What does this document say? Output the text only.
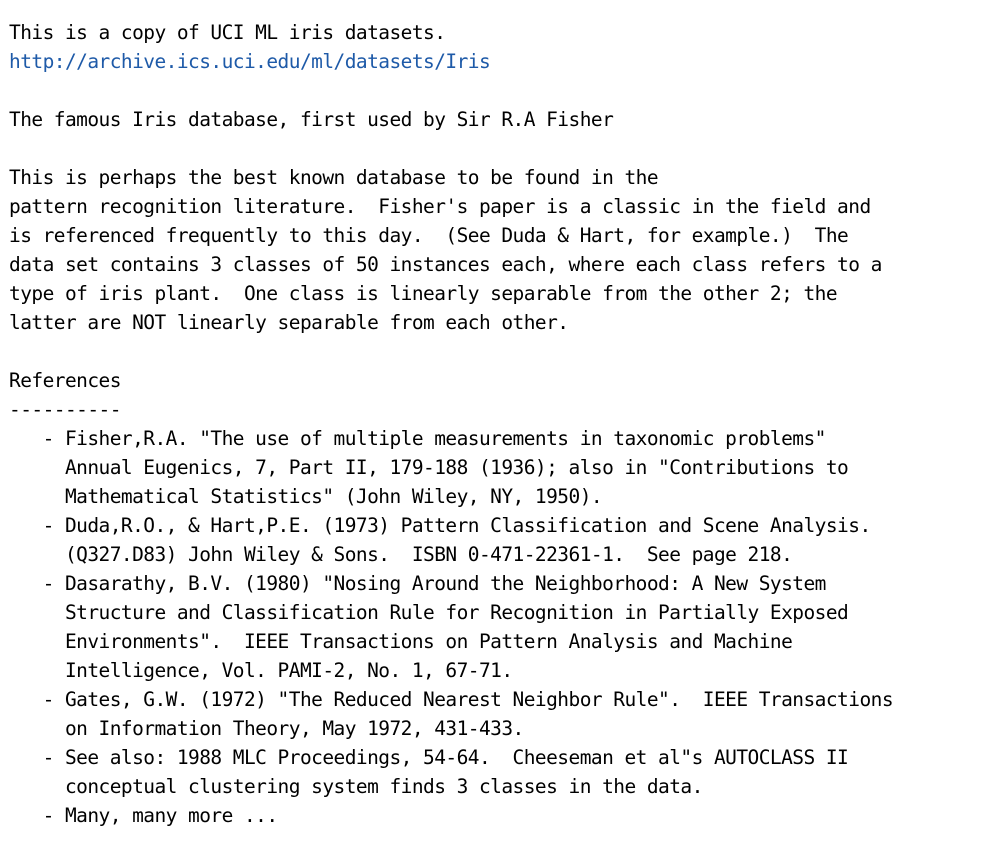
This is a copy of UCI ML iris datasets.
http://archive.ics.uci.edu/ml/datasets/Iris
The famous Iris database, first used by Sir R.A Fisher
This is perhaps the best known database to be found in the
pattern recognition literature.  Fisher's paper is a classic in the field and
is referenced frequently to this day.  (See Duda & Hart, for example.)  The
data set contains 3 classes of 50 instances each, where each class refers to a
type of iris plant.  One class is linearly separable from the other 2; the
latter are NOT linearly separable from each other.
References
----------
- Fisher,R.A. "The use of multiple measurements in taxonomic problems"
Annual Eugenics, 7, Part II, 179-188 (1936); also in "Contributions to
Mathematical Statistics" (John Wiley, NY, 1950).
- Duda,R.O., & Hart,P.E. (1973) Pattern Classification and Scene Analysis.
(Q327.D83) John Wiley & Sons.  ISBN 0-471-22361-1.  See page 218.
- Dasarathy, B.V. (1980) "Nosing Around the Neighborhood: A New System
Structure and Classification Rule for Recognition in Partially Exposed
Environments".  IEEE Transactions on Pattern Analysis and Machine
Intelligence, Vol. PAMI-2, No. 1, 67-71.
- Gates, G.W. (1972) "The Reduced Nearest Neighbor Rule".  IEEE Transactions
on Information Theory, May 1972, 431-433.
- See also: 1988 MLC Proceedings, 54-64.  Cheeseman et al"s AUTOCLASS II
conceptual clustering system finds 3 classes in the data.
- Many, many more ...
